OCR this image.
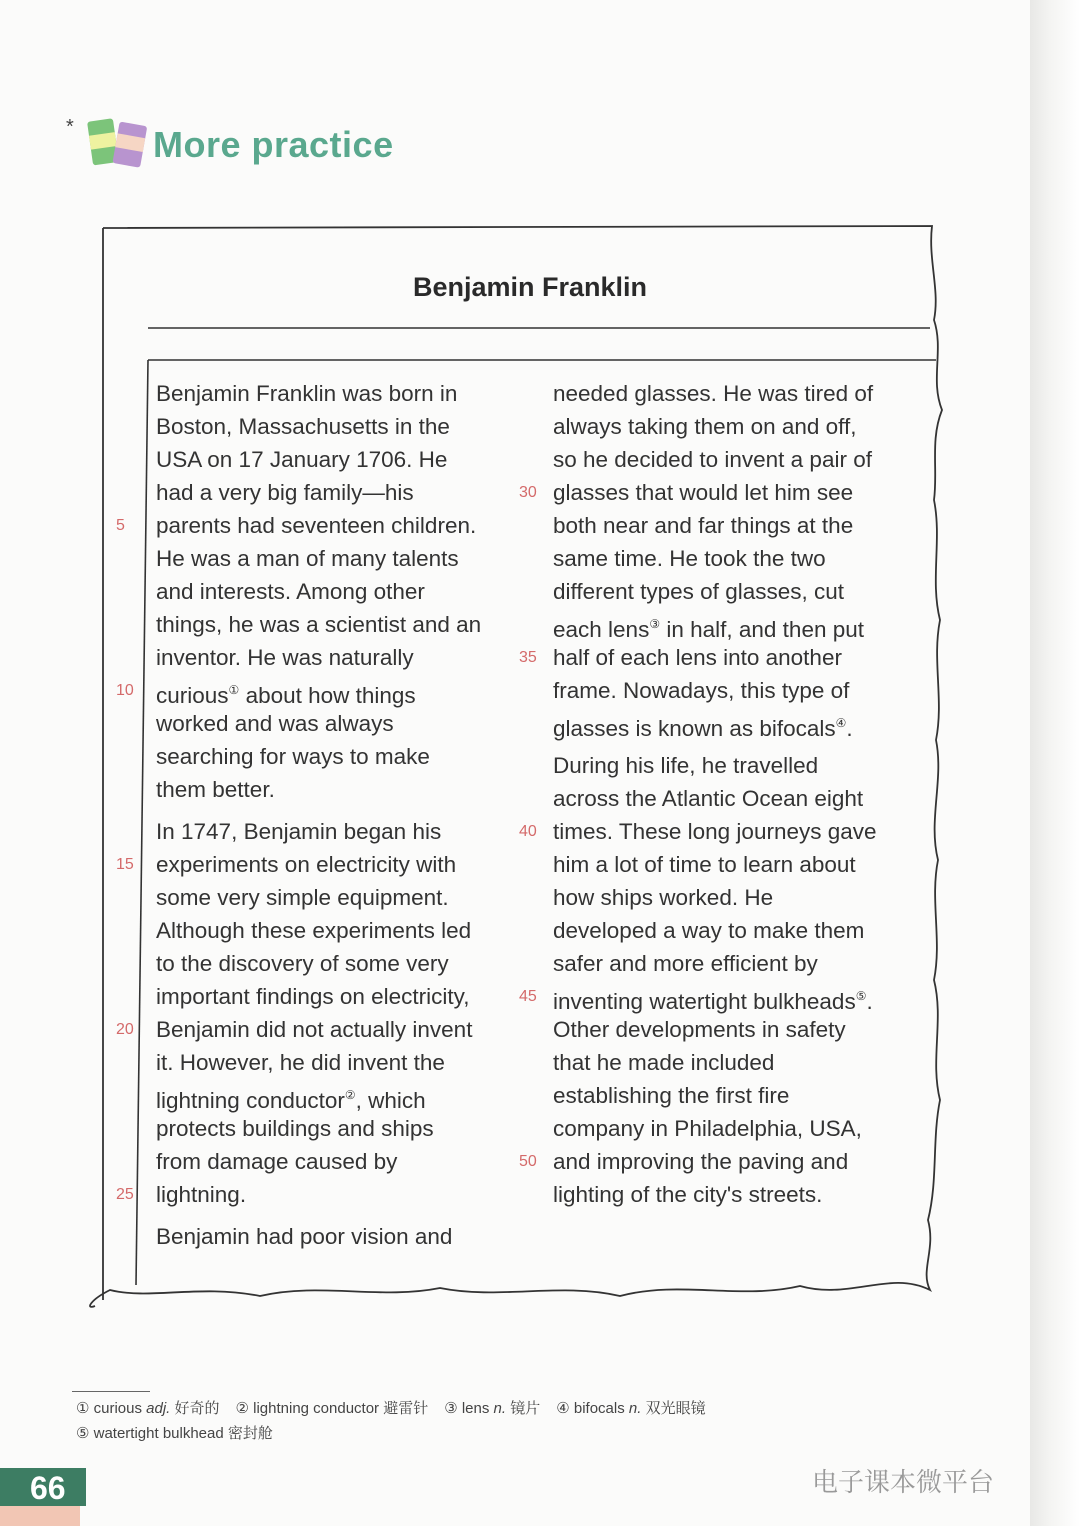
* More practice
Benjamin Franklin
Benjamin Franklin was born in
Boston, Massachusetts in the
USA on 17 January 1706. He
had a very big family—his
parents had seventeen children.
5
He was a man of many talents
and interests. Among other
things, he was a scientist and an
inventor. He was naturally
curious① about how things
10
worked and was always
searching for ways to make
them better.
In 1747, Benjamin began his
experiments on electricity with
15
some very simple equipment.
Although these experiments led
to the discovery of some very
important findings on electricity,
Benjamin did not actually invent
20
it. However, he did invent the
lightning conductor②, which
protects buildings and ships
from damage caused by
lightning.
25
Benjamin had poor vision and
needed glasses. He was tired of
always taking them on and off,
so he decided to invent a pair of
glasses that would let him see
30
both near and far things at the
same time. He took the two
different types of glasses, cut
each lens③ in half, and then put
half of each lens into another
35
frame. Nowadays, this type of
glasses is known as bifocals④.
During his life, he travelled
across the Atlantic Ocean eight
times. These long journeys gave
40
him a lot of time to learn about
how ships worked. He
developed a way to make them
safer and more efficient by
inventing watertight bulkheads⑤.
45
Other developments in safety
that he made included
establishing the first fire
company in Philadelphia, USA,
and improving the paving and
50
lighting of the city's streets.
① curious adj. 好奇的 ② lightning conductor 避雷针 ③ lens n. 镜片 ④ bifocals n. 双光眼镜
⑤ watertight bulkhead 密封舱
66	电子课本微平台
